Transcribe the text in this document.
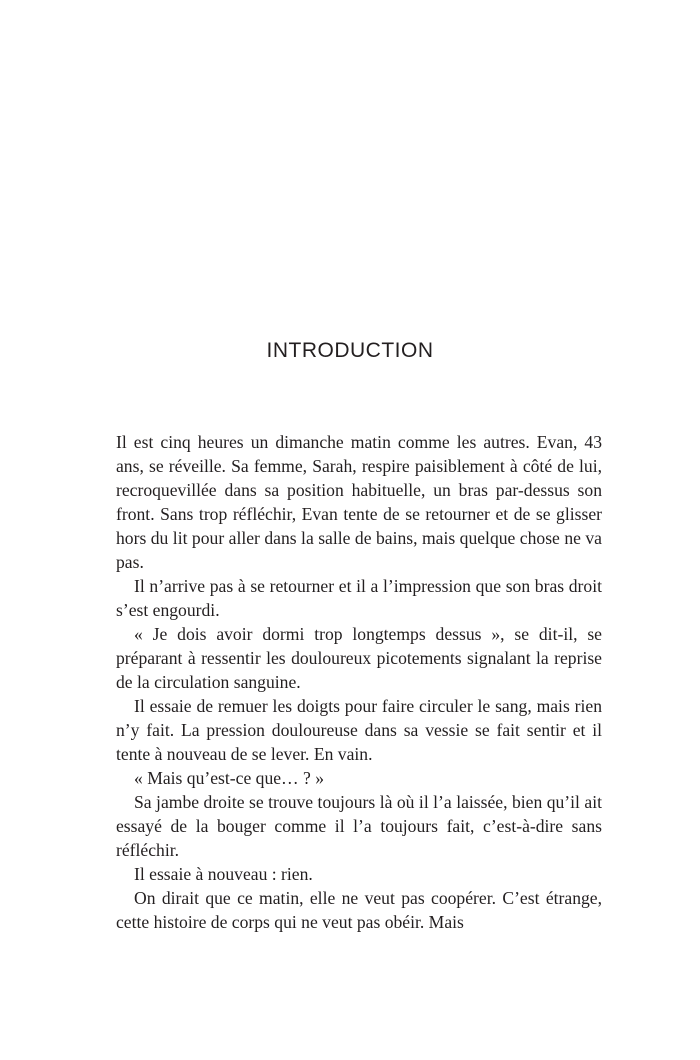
INTRODUCTION

Il est cinq heures un dimanche matin comme les autres. Evan, 43 ans, se réveille. Sa femme, Sarah, respire paisiblement à côté de lui, recroquevillée dans sa position habituelle, un bras par-dessus son front. Sans trop réfléchir, Evan tente de se retourner et de se glisser hors du lit pour aller dans la salle de bains, mais quelque chose ne va pas.

Il n’arrive pas à se retourner et il a l’impression que son bras droit s’est engourdi.

« Je dois avoir dormi trop longtemps dessus », se dit-il, se préparant à ressentir les douloureux picotements signalant la reprise de la circulation sanguine.

Il essaie de remuer les doigts pour faire circuler le sang, mais rien n’y fait. La pression douloureuse dans sa vessie se fait sentir et il tente à nouveau de se lever. En vain.

« Mais qu’est-ce que… ? »

Sa jambe droite se trouve toujours là où il l’a laissée, bien qu’il ait essayé de la bouger comme il l’a toujours fait, c’est-à-dire sans réfléchir.

Il essaie à nouveau : rien.

On dirait que ce matin, elle ne veut pas coopérer. C’est étrange, cette histoire de corps qui ne veut pas obéir. Mais
